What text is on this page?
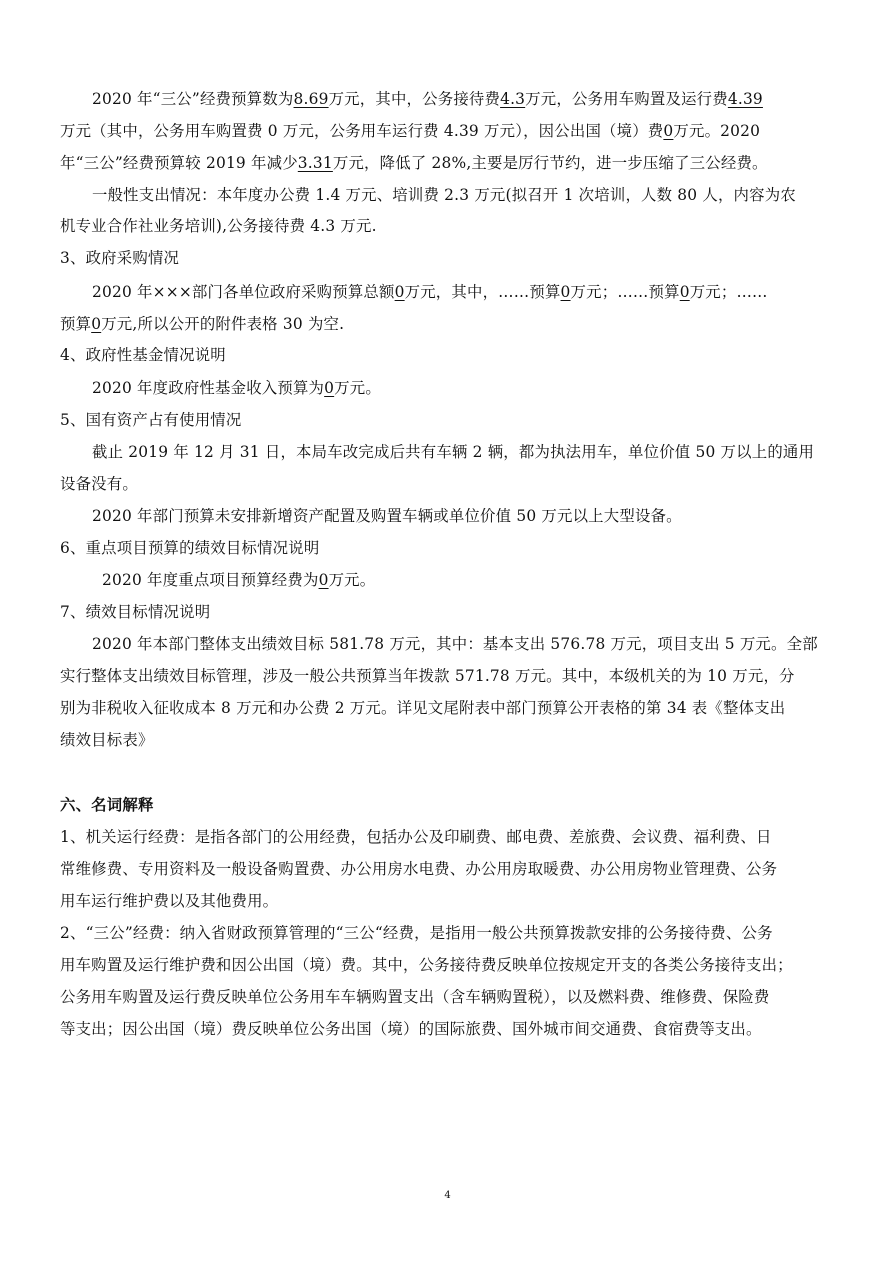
2020 年“三公”经费预算数为8.69万元，其中，公务接待费4.3万元，公务用车购置及运行费4.39
万元（其中，公务用车购置费 0 万元，公务用车运行费 4.39 万元），因公出国（境）费0万元。2020
年“三公”经费预算较 2019 年减少3.31万元，降低了 28%,主要是厉行节约，进一步压缩了三公经费。
一般性支出情况：本年度办公费 1.4 万元、培训费 2.3 万元(拟召开 1 次培训，人数 80 人，内容为农
机专业合作社业务培训),公务接待费 4.3 万元.
3、政府采购情况
2020 年×××部门各单位政府采购预算总额0万元，其中，……预算0万元；……预算0万元；……
预算0万元,所以公开的附件表格 30 为空.
4、政府性基金情况说明
2020 年度政府性基金收入预算为0万元。
5、国有资产占有使用情况
截止 2019 年 12 月 31 日，本局车改完成后共有车辆 2 辆，都为执法用车，单位价值 50 万以上的通用
设备没有。
2020 年部门预算未安排新增资产配置及购置车辆或单位价值 50 万元以上大型设备。
6、重点项目预算的绩效目标情况说明
2020 年度重点项目预算经费为0万元。
7、绩效目标情况说明
2020 年本部门整体支出绩效目标 581.78 万元，其中：基本支出 576.78 万元，项目支出 5 万元。全部
实行整体支出绩效目标管理，涉及一般公共预算当年拨款 571.78 万元。其中，本级机关的为 10 万元，分
别为非税收入征收成本 8 万元和办公费 2 万元。详见文尾附表中部门预算公开表格的第 34 表《整体支出
绩效目标表》
六、名词解释
1、机关运行经费：是指各部门的公用经费，包括办公及印刷费、邮电费、差旅费、会议费、福利费、日
常维修费、专用资料及一般设备购置费、办公用房水电费、办公用房取暖费、办公用房物业管理费、公务
用车运行维护费以及其他费用。
2、“三公”经费：纳入省财政预算管理的“三公“经费，是指用一般公共预算拨款安排的公务接待费、公务
用车购置及运行维护费和因公出国（境）费。其中，公务接待费反映单位按规定开支的各类公务接待支出；
公务用车购置及运行费反映单位公务用车车辆购置支出（含车辆购置税），以及燃料费、维修费、保险费
等支出；因公出国（境）费反映单位公务出国（境）的国际旅费、国外城市间交通费、食宿费等支出。
4
